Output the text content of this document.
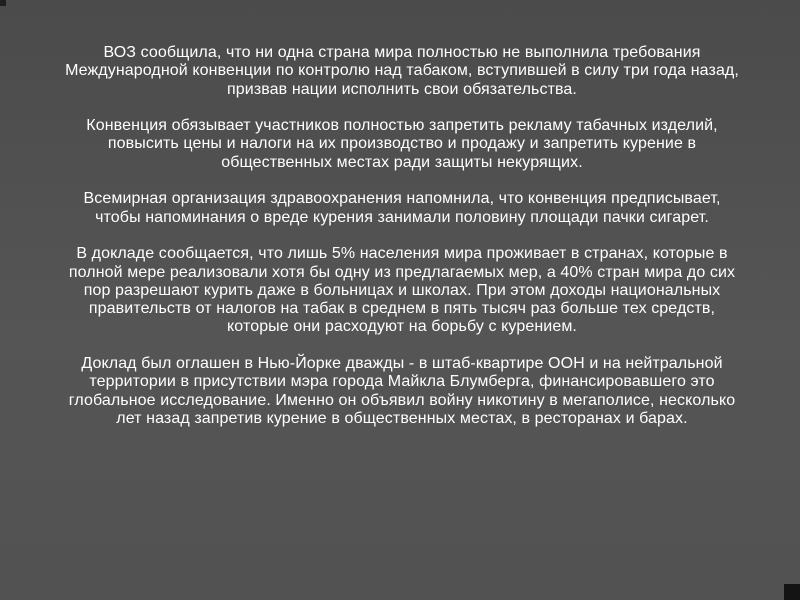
ВОЗ сообщила, что ни одна страна мира полностью не выполнила требования Международной конвенции по контролю над табаком, вступившей в силу три года назад, призвав нации исполнить свои обязательства.

Конвенция обязывает участников полностью запретить рекламу табачных изделий, повысить цены и налоги на их производство и продажу и запретить курение в общественных местах ради защиты некурящих.

Всемирная организация здравоохранения напомнила, что конвенция предписывает, чтобы напоминания о вреде курения занимали половину площади пачки сигарет.

В докладе сообщается, что лишь 5% населения мира проживает в странах, которые в полной мере реализовали хотя бы одну из предлагаемых мер, а 40% стран мира до сих пор разрешают курить даже в больницах и школах. При этом доходы национальных правительств от налогов на табак в среднем в пять тысяч раз больше тех средств, которые они расходуют на борьбу с курением.

Доклад был оглашен в Нью-Йорке дважды - в штаб-квартире ООН и на нейтральной территории в присутствии мэра города Майкла Блумберга, финансировавшего это глобальное исследование. Именно он объявил войну никотину в мегаполисе, несколько лет назад запретив курение в общественных местах, в ресторанах и барах.
